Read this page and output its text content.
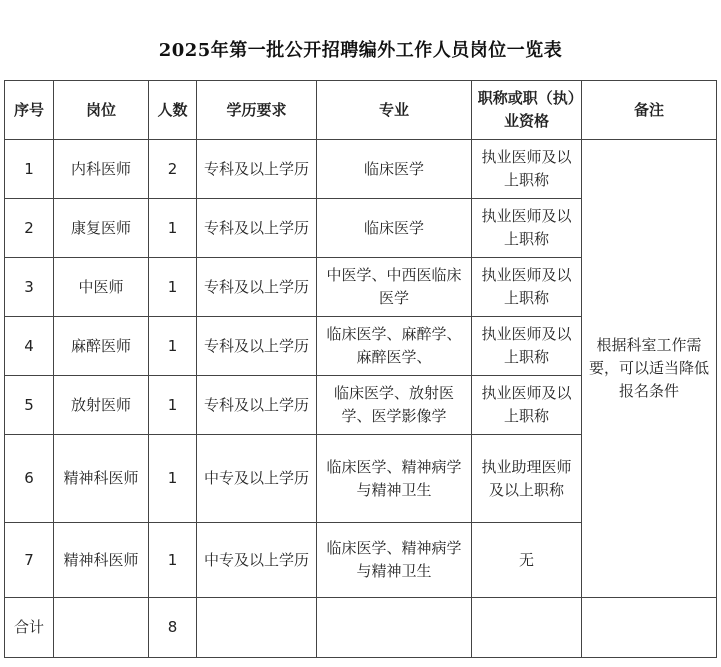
2025年第一批公开招聘编外工作人员岗位一览表
序号	岗位	人数	学历要求	专业	职称或职（执）业资格	备注
1	内科医师	2	专科及以上学历	临床医学	执业医师及以上职称	根据科室工作需要，可以适当降低报名条件
2	康复医师	1	专科及以上学历	临床医学	执业医师及以上职称	
3	中医师	1	专科及以上学历	中医学、中西医临床医学	执业医师及以上职称	
4	麻醉医师	1	专科及以上学历	临床医学、麻醉学、麻醉医学、	执业医师及以上职称	
5	放射医师	1	专科及以上学历	临床医学、放射医学、医学影像学	执业医师及以上职称	
6	精神科医师	1	中专及以上学历	临床医学、精神病学与精神卫生	执业助理医师及以上职称	
7	精神科医师	1	中专及以上学历	临床医学、精神病学与精神卫生	无	
合计		8				
